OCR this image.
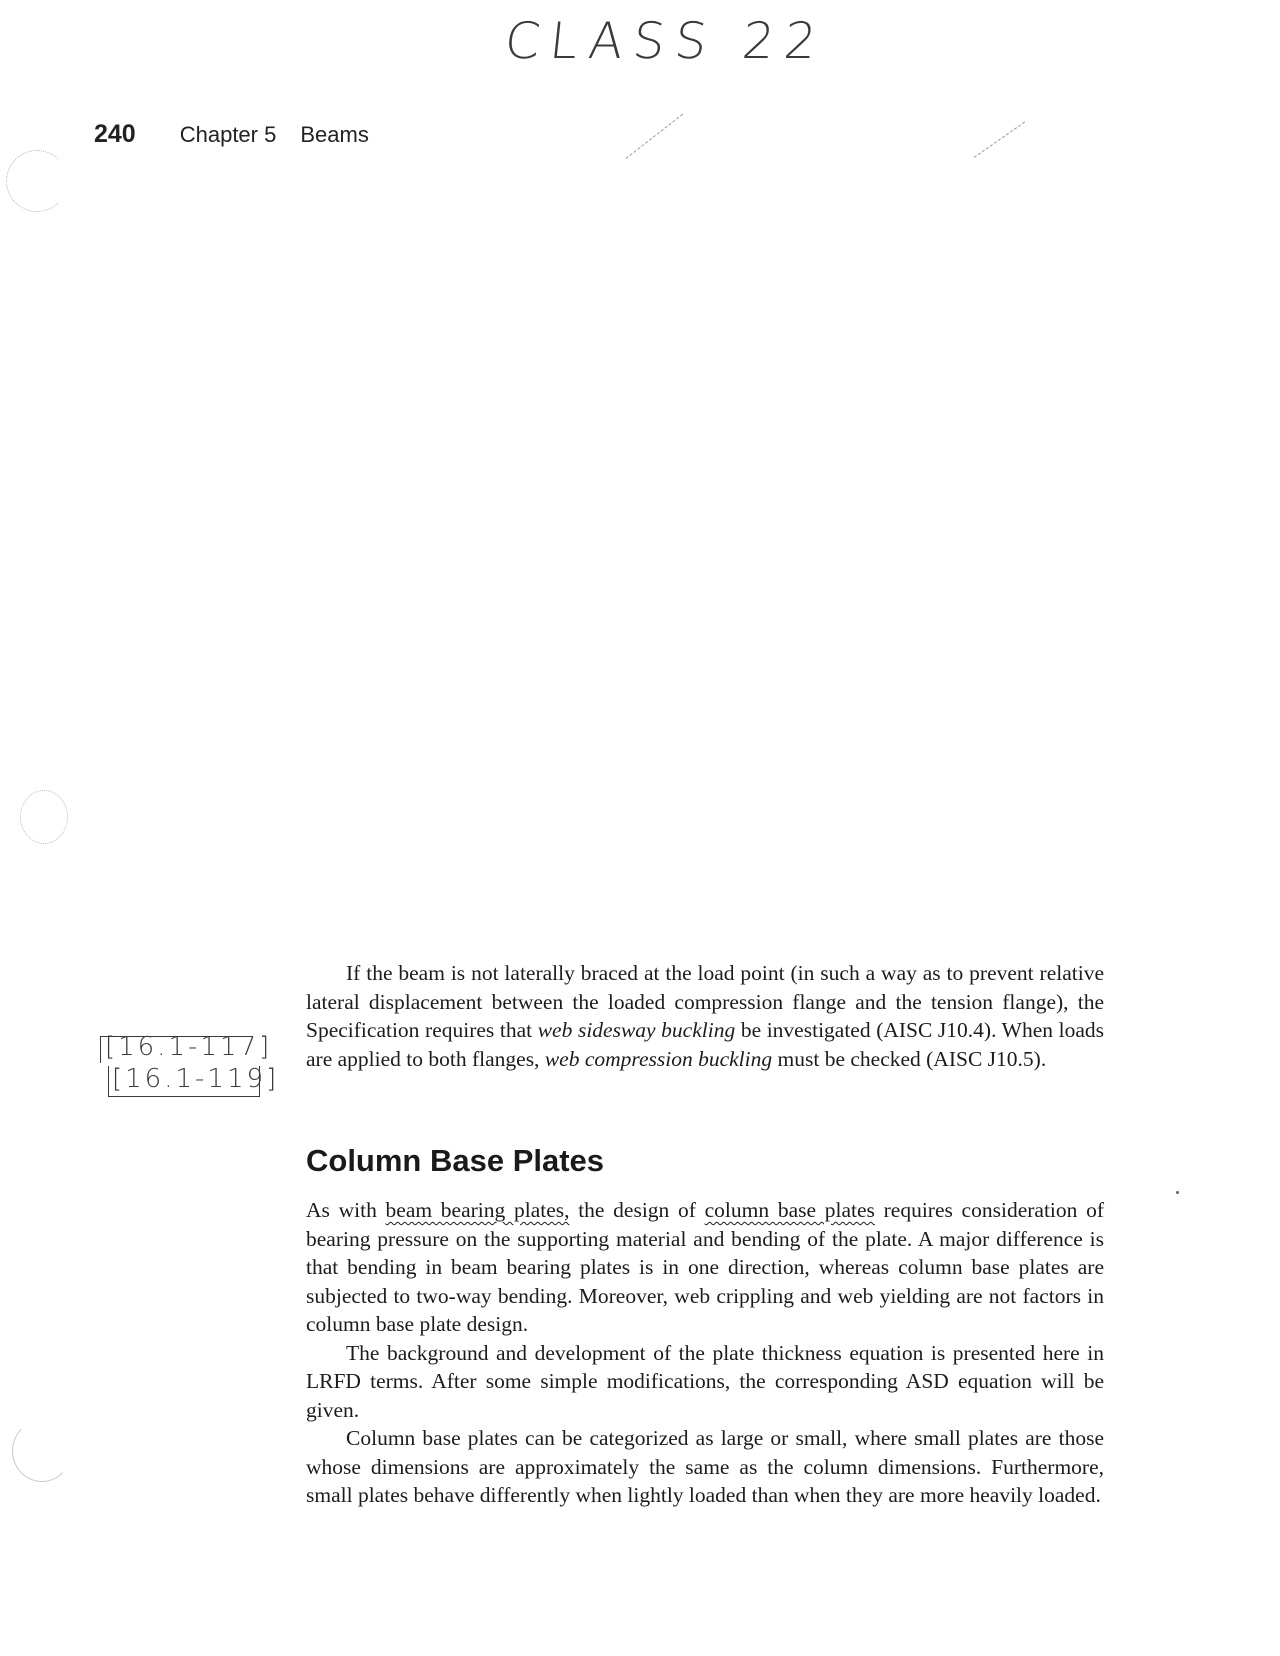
CLASS 22
240 Chapter 5 Beams
[16.1-117]
[16.1-119]

If the beam is not laterally braced at the load point (in such a way as to prevent relative lateral displacement between the loaded compression flange and the tension flange), the Specification requires that web sidesway buckling be investigated (AISC J10.4). When loads are applied to both flanges, web compression buckling must be checked (AISC J10.5).

Column Base Plates

As with beam bearing plates, the design of column base plates requires consideration of bearing pressure on the supporting material and bending of the plate. A major difference is that bending in beam bearing plates is in one direction, whereas column base plates are subjected to two-way bending. Moreover, web crippling and web yielding are not factors in column base plate design.

The background and development of the plate thickness equation is presented here in LRFD terms. After some simple modifications, the corresponding ASD equation will be given.

Column base plates can be categorized as large or small, where small plates are those whose dimensions are approximately the same as the column dimensions. Furthermore, small plates behave differently when lightly loaded than when they are more heavily loaded.
